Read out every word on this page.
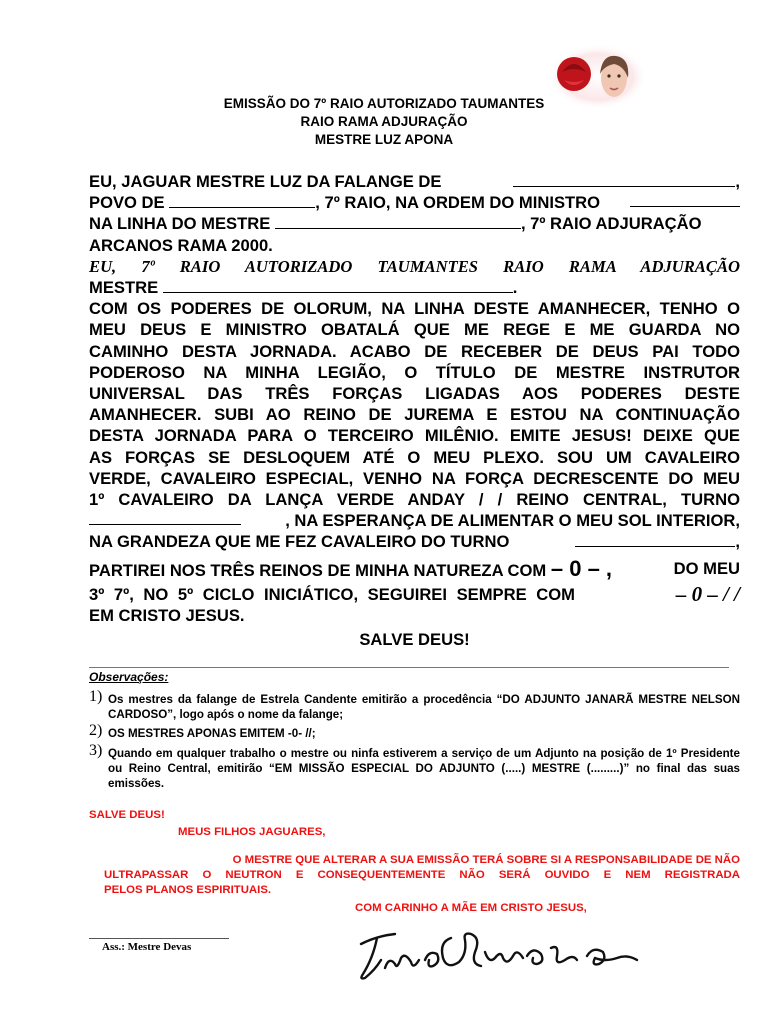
EMISSÃO DO 7º RAIO AUTORIZADO TAUMANTES
RAIO RAMA ADJURAÇÃO
MESTRE LUZ APONA
EU, JAGUAR MESTRE LUZ DA FALANGE DE	,
POVO DE	, 7º RAIO, NA ORDEM DO MINISTRO
NA LINHA DO MESTRE	, 7º RAIO ADJURAÇÃO
ARCANOS RAMA 2000.
EU, 7º RAIO AUTORIZADO TAUMANTES RAIO RAMA ADJURAÇÃO
MESTRE	.
COM OS PODERES DE OLORUM, NA LINHA DESTE AMANHECER, TENHO O
MEU DEUS E MINISTRO OBATALÁ QUE ME REGE E ME GUARDA NO
CAMINHO DESTA JORNADA. ACABO DE RECEBER DE DEUS PAI TODO
PODEROSO NA MINHA LEGIÃO, O TÍTULO DE MESTRE INSTRUTOR
UNIVERSAL DAS TRÊS FORÇAS LIGADAS AOS PODERES DESTE
AMANHECER. SUBI AO REINO DE JUREMA E ESTOU NA CONTINUAÇÃO
DESTA JORNADA PARA O TERCEIRO MILÊNIO. EMITE JESUS! DEIXE QUE
AS FORÇAS SE DESLOQUEM ATÉ O MEU PLEXO. SOU UM CAVALEIRO
VERDE, CAVALEIRO ESPECIAL, VENHO NA FORÇA DECRESCENTE DO MEU
1º CAVALEIRO DA LANÇA VERDE ANDAY / / REINO CENTRAL, TURNO
, NA ESPERANÇA DE ALIMENTAR O MEU SOL INTERIOR,
NA GRANDEZA QUE ME FEZ CAVALEIRO DO TURNO	,
PARTIREI NOS TRÊS REINOS DE MINHA NATUREZA COM – 0 – ,	DO MEU
3º 7º, NO 5º CICLO INICIÁTICO, SEGUIREI SEMPRE COM	– 0 – / /
EM CRISTO JESUS.
SALVE DEUS!
Observações:
1) Os mestres da falange de Estrela Candente emitirão a procedência “DO ADJUNTO JANARÃ MESTRE NELSON CARDOSO”, logo após o nome da falange;
2) OS MESTRES APONAS EMITEM -0- //;
3) Quando em qualquer trabalho o mestre ou ninfa estiverem a serviço de um Adjunto na posição de 1º Presidente ou Reino Central, emitirão “EM MISSÃO ESPECIAL DO ADJUNTO (.....) MESTRE (.........)” no final das suas emissões.
SALVE DEUS!
MEUS FILHOS JAGUARES,
O MESTRE QUE ALTERAR A SUA EMISSÃO TERÁ SOBRE SI A RESPONSABILIDADE DE NÃO
ULTRAPASSAR O NEUTRON E CONSEQUENTEMENTE NÃO SERÁ OUVIDO E NEM REGISTRADA
PELOS PLANOS ESPIRITUAIS.
COM CARINHO A MÃE EM CRISTO JESUS,
Ass.: Mestre Devas
